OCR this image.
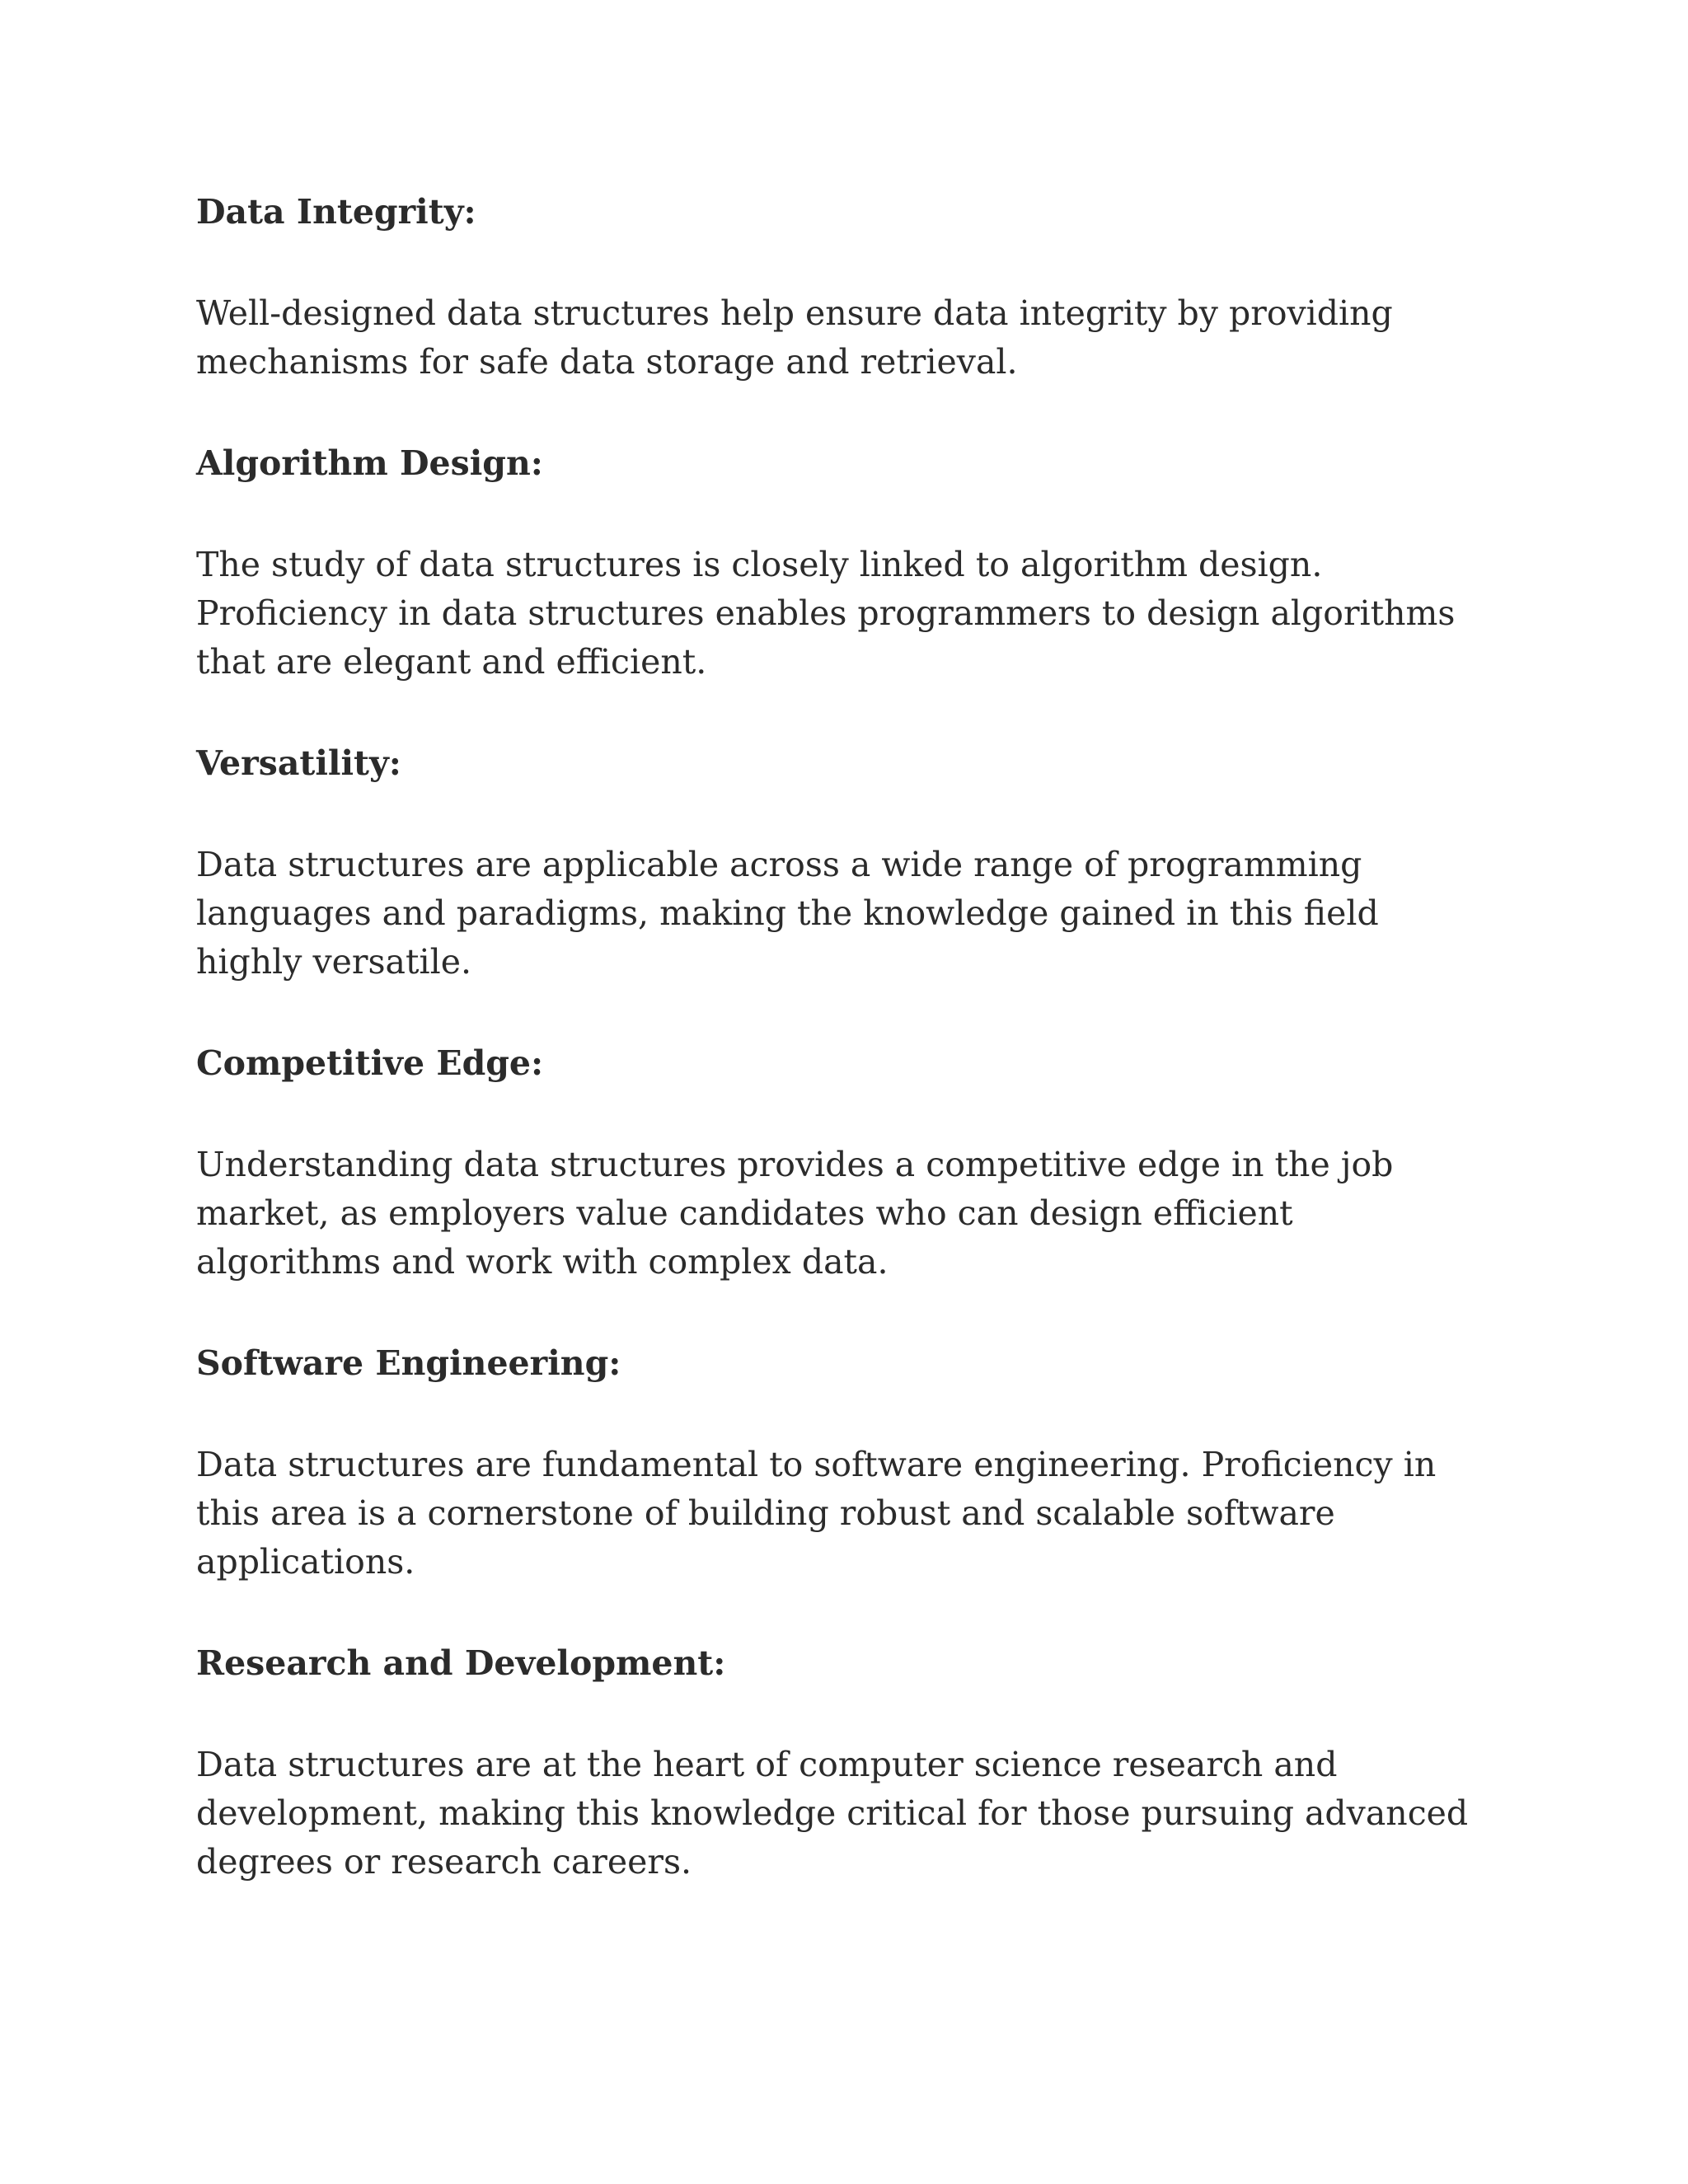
Data Integrity:
Well-designed data structures help ensure data integrity by providing mechanisms for safe data storage and retrieval.
Algorithm Design:
The study of data structures is closely linked to algorithm design. Proficiency in data structures enables programmers to design algorithms that are elegant and efficient.
Versatility:
Data structures are applicable across a wide range of programming languages and paradigms, making the knowledge gained in this field highly versatile.
Competitive Edge:
Understanding data structures provides a competitive edge in the job market, as employers value candidates who can design efficient algorithms and work with complex data.
Software Engineering:
Data structures are fundamental to software engineering. Proficiency in this area is a cornerstone of building robust and scalable software applications.
Research and Development:
Data structures are at the heart of computer science research and development, making this knowledge critical for those pursuing advanced degrees or research careers.
